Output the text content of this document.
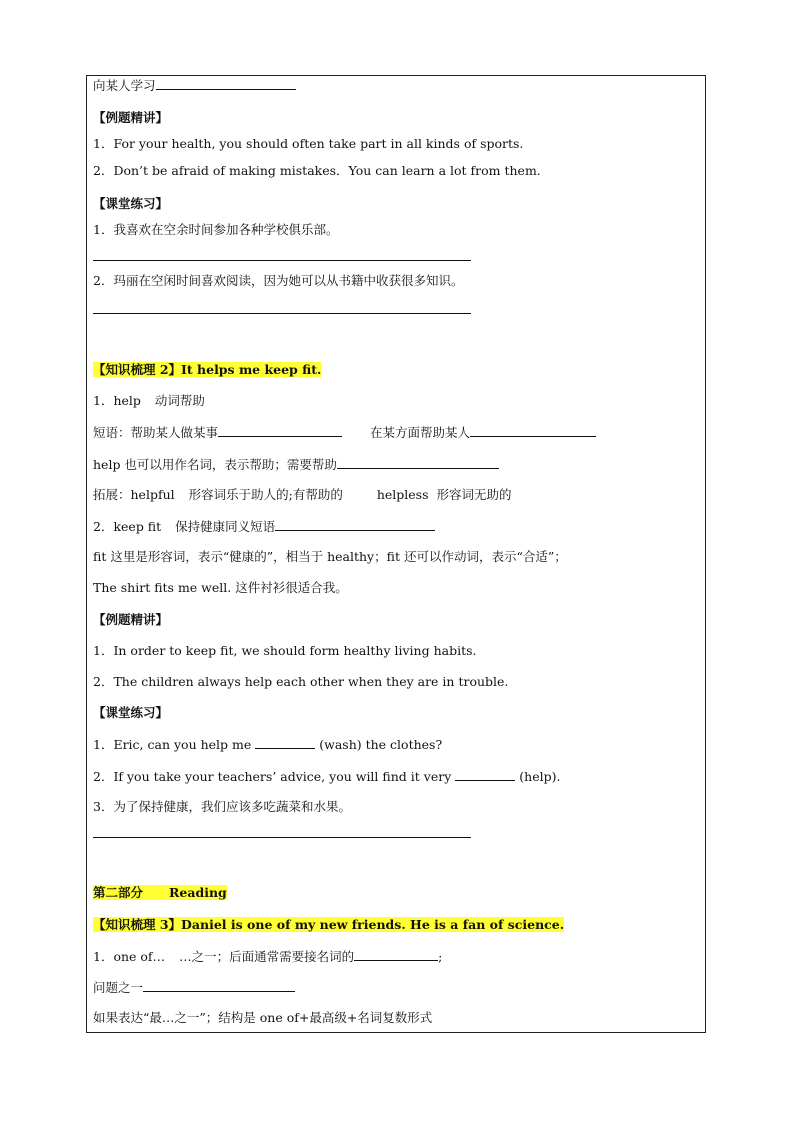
向某人学习
【例题精讲】
1．For your health, you should often take part in all kinds of sports.
2．Don’t be afraid of making mistakes．You can learn a lot from them.
【课堂练习】
1．我喜欢在空余时间参加各种学校俱乐部。
2．玛丽在空闲时间喜欢阅读，因为她可以从书籍中收获很多知识。
【知识梳理 2】It helps me keep fit.
1．help 动词帮助
短语：帮助某人做某事	在某方面帮助某人
help 也可以用作名词，表示帮助；需要帮助
拓展：helpful 形容词乐于助人的;有帮助的	helpless 形容词无助的
2．keep fit 保持健康同义短语
fit 这里是形容词，表示“健康的”，相当于 healthy；fit 还可以作动词，表示“合适”；
The shirt fits me well. 这件衬衫很适合我。
【例题精讲】
1．In order to keep fit, we should form healthy living habits.
2．The children always help each other when they are in trouble.
【课堂练习】
1．Eric, can you help me	(wash) the clothes?
2．If you take your teachers’ advice, you will find it very	(help).
3．为了保持健康，我们应该多吃蔬菜和水果。
第二部分 Reading
【知识梳理 3】Daniel is one of my new friends. He is a fan of science.
1．one of… …之一；后面通常需要接名词的	;
问题之一
如果表达“最…之一”；结构是 one of+最高级+名词复数形式
